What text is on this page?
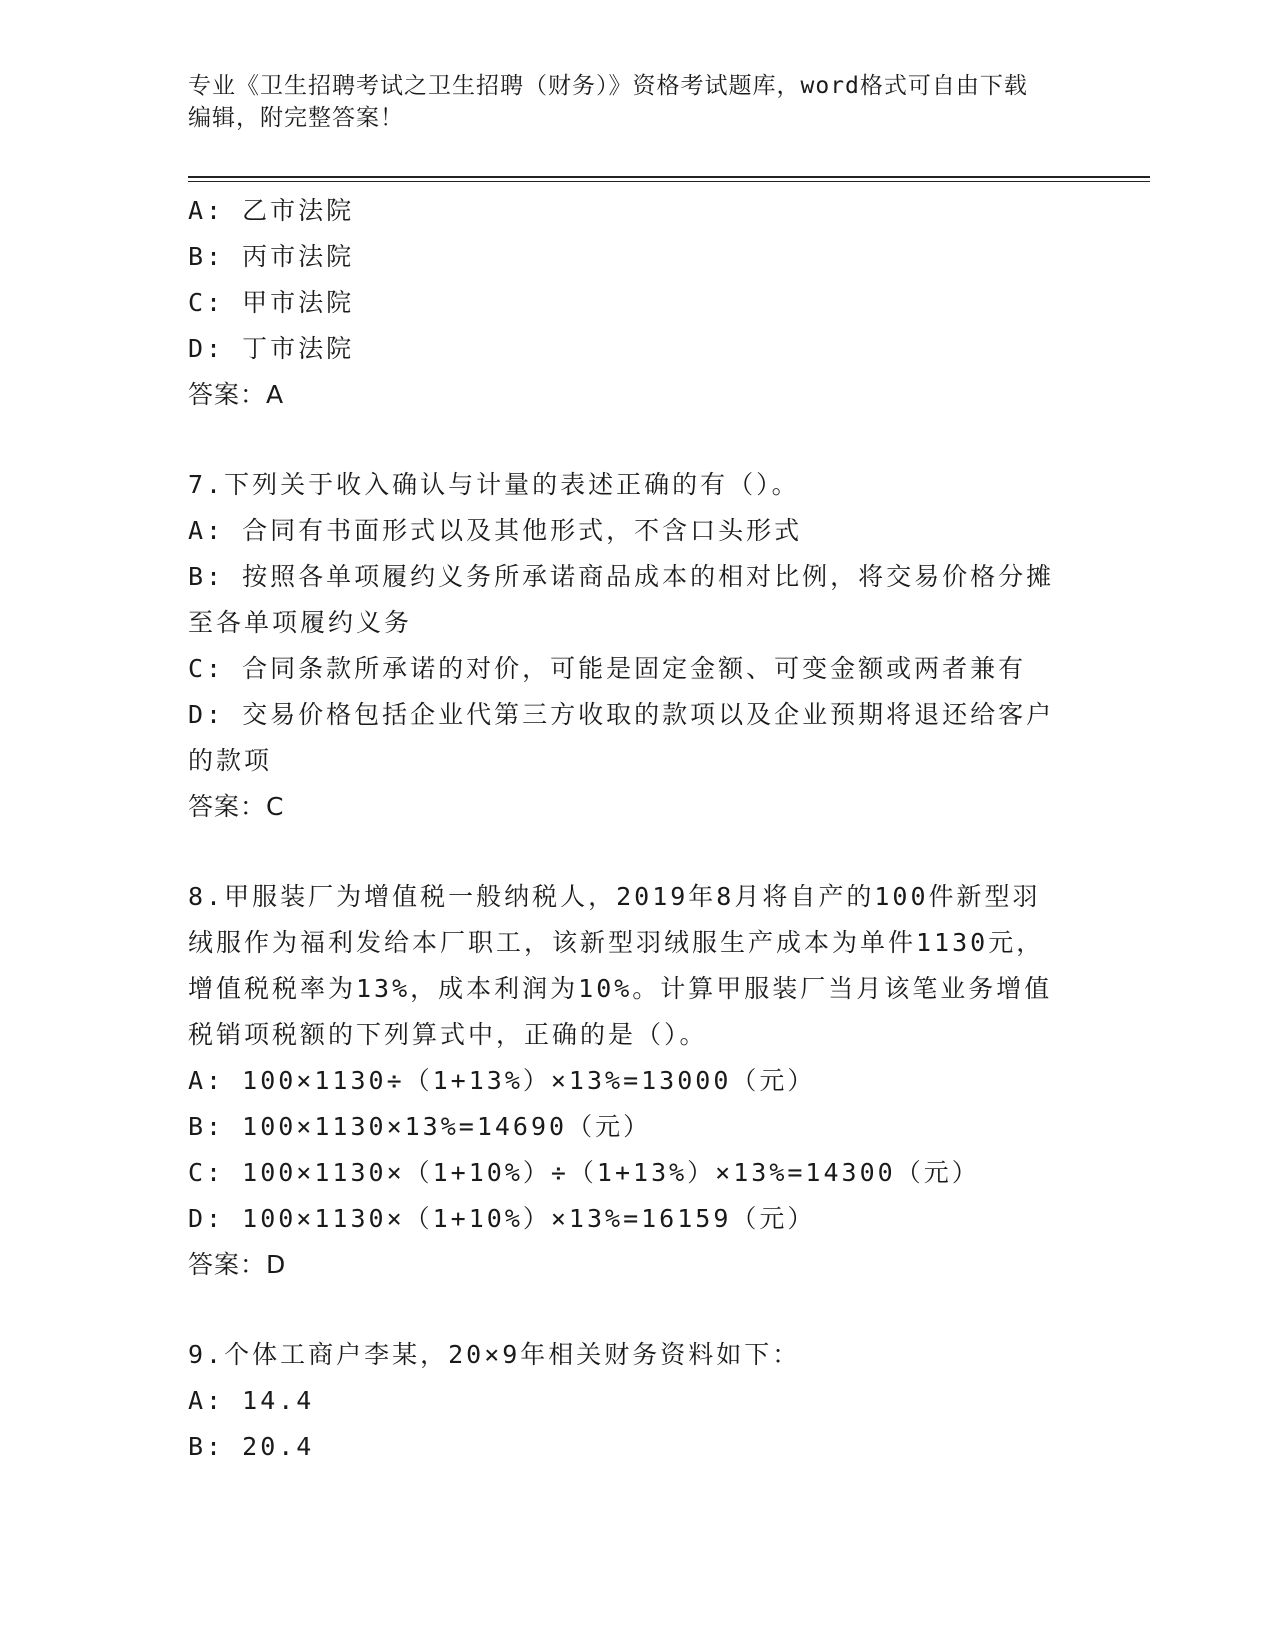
专业《卫生招聘考试之卫生招聘（财务）》资格考试题库，word格式可自由下载
编辑，附完整答案！
A: 乙市法院
B: 丙市法院
C: 甲市法院
D: 丁市法院
答案：A
7.下列关于收入确认与计量的表述正确的有（）。
A: 合同有书面形式以及其他形式，不含口头形式
B: 按照各单项履约义务所承诺商品成本的相对比例，将交易价格分摊
至各单项履约义务
C: 合同条款所承诺的对价，可能是固定金额、可变金额或两者兼有
D: 交易价格包括企业代第三方收取的款项以及企业预期将退还给客户
的款项
答案：C
8.甲服装厂为增值税一般纳税人，2019年8月将自产的100件新型羽
绒服作为福利发给本厂职工，该新型羽绒服生产成本为单件1130元，
增值税税率为13%，成本利润为10%。计算甲服装厂当月该笔业务增值
税销项税额的下列算式中，正确的是（）。
A: 100×1130÷（1+13%）×13%=13000（元）
B: 100×1130×13%=14690（元）
C: 100×1130×（1+10%）÷（1+13%）×13%=14300（元）
D: 100×1130×（1+10%）×13%=16159（元）
答案：D
9.个体工商户李某，20×9年相关财务资料如下：
A: 14.4
B: 20.4
